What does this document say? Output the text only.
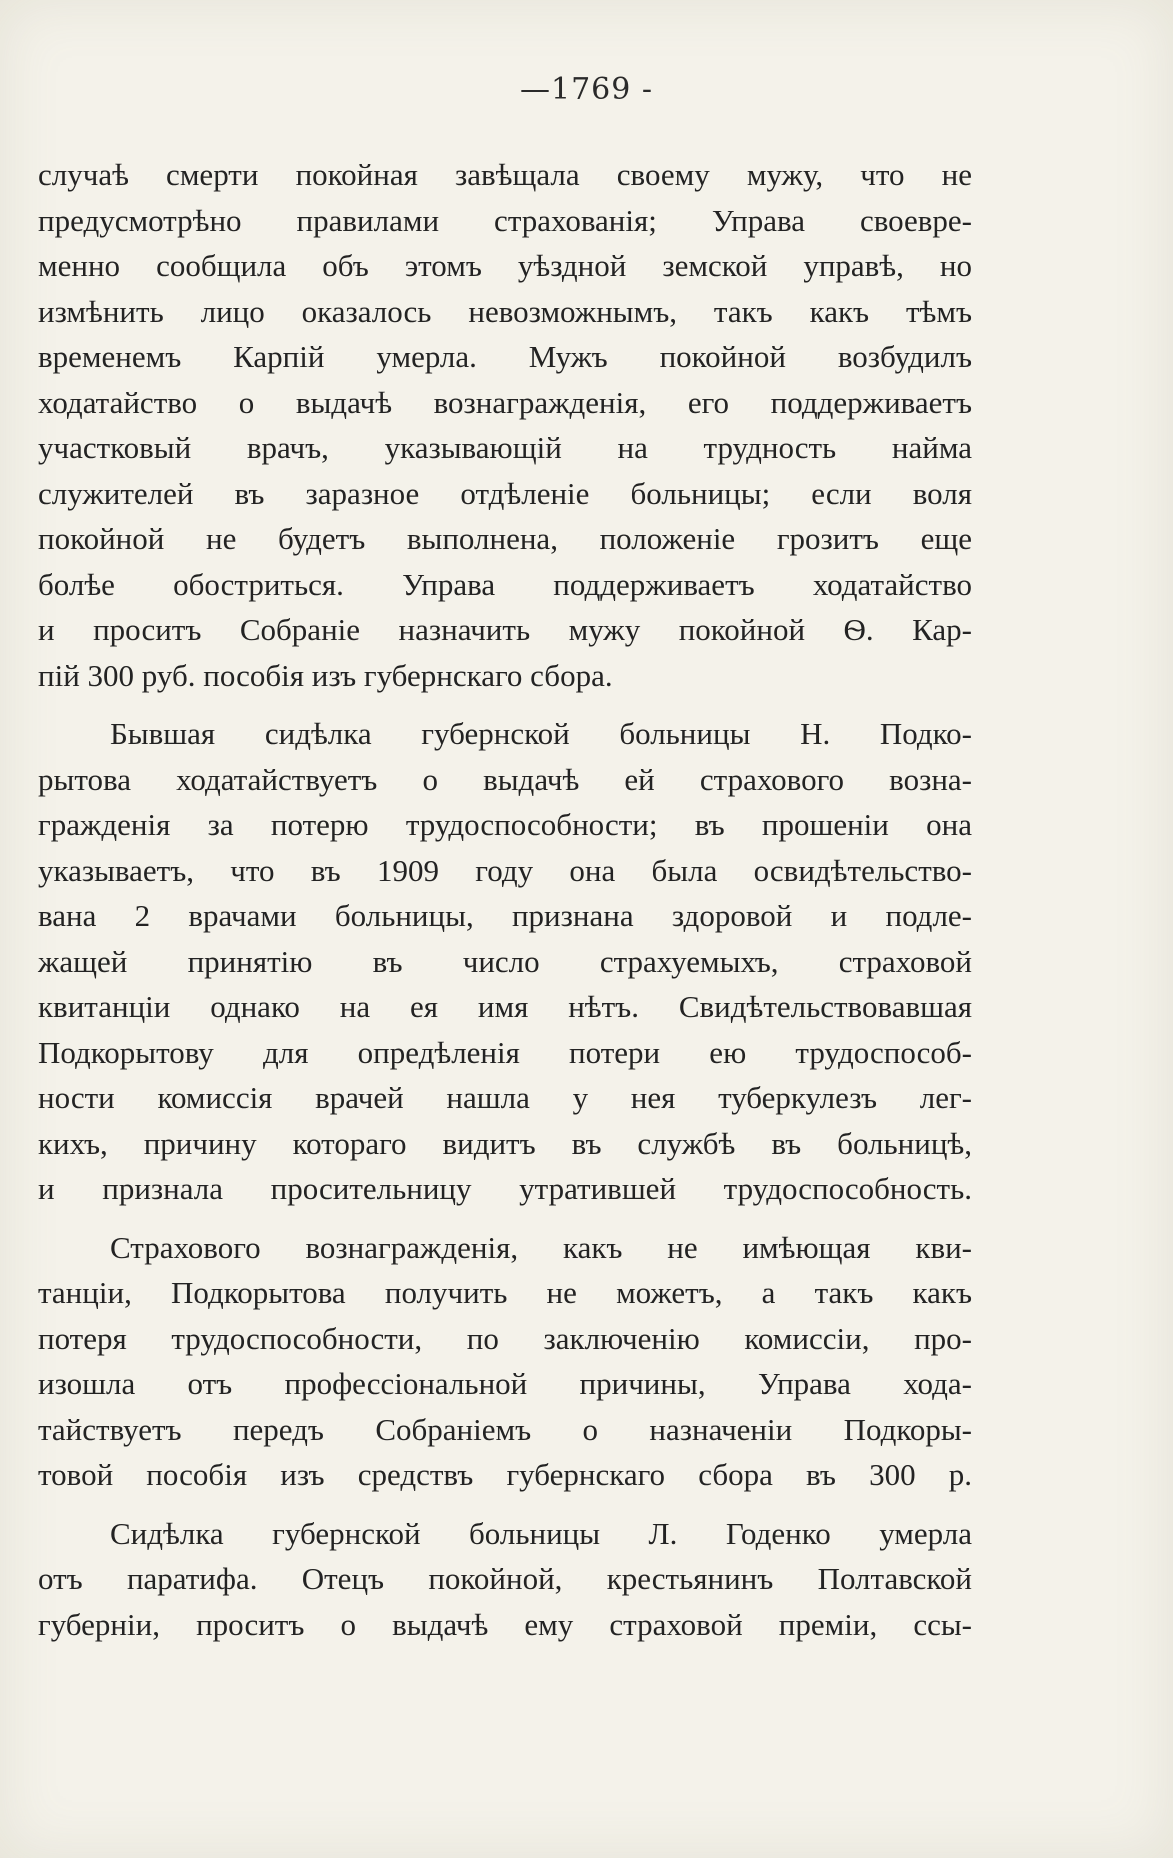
—1769 -
случаѣ смерти покойная завѣщала своему мужу, что не
предусмотрѣно правилами страхованія; Управа своевре-
менно сообщила объ этомъ уѣздной земской управѣ, но
измѣнить лицо оказалось невозможнымъ, такъ какъ тѣмъ
временемъ Карпій умерла. Мужъ покойной возбудилъ
ходатайство о выдачѣ вознагражденія, его поддерживаетъ
участковый врачъ, указывающій на трудность найма
служителей въ заразное отдѣленіе больницы; если воля
покойной не будетъ выполнена, положеніе грозитъ еще
болѣе обостриться. Управа поддерживаетъ ходатайство
и проситъ Собраніе назначить мужу покойной Ѳ. Кар-
пій 300 руб. пособія изъ губернскаго сбора.
Бывшая сидѣлка губернской больницы Н. Подко-
рытова ходатайствуетъ о выдачѣ ей страхового возна-
гражденія за потерю трудоспособности; въ прошеніи она
указываетъ, что въ 1909 году она была освидѣтельство-
вана 2 врачами больницы, признана здоровой и подле-
жащей принятію въ число страхуемыхъ, страховой
квитанціи однако на ея имя нѣтъ. Свидѣтельствовавшая
Подкорытову для опредѣленія потери ею трудоспособ-
ности комиссія врачей нашла у нея туберкулезъ лег-
кихъ, причину котораго видитъ въ службѣ въ больницѣ,
и признала просительницу утратившей трудоспособность.
Страхового вознагражденія, какъ не имѣющая кви-
танціи, Подкорытова получить не можетъ, а такъ какъ
потеря трудоспособности, по заключенію комиссіи, про-
изошла отъ профессіональной причины, Управа хода-
тайствуетъ передъ Собраніемъ о назначеніи Подкоры-
товой пособія изъ средствъ губернскаго сбора въ 300 р.
Сидѣлка губернской больницы Л. Годенко умерла
отъ паратифа. Отецъ покойной, крестьянинъ Полтавской
губерніи, проситъ о выдачѣ ему страховой преміи, ссы-
